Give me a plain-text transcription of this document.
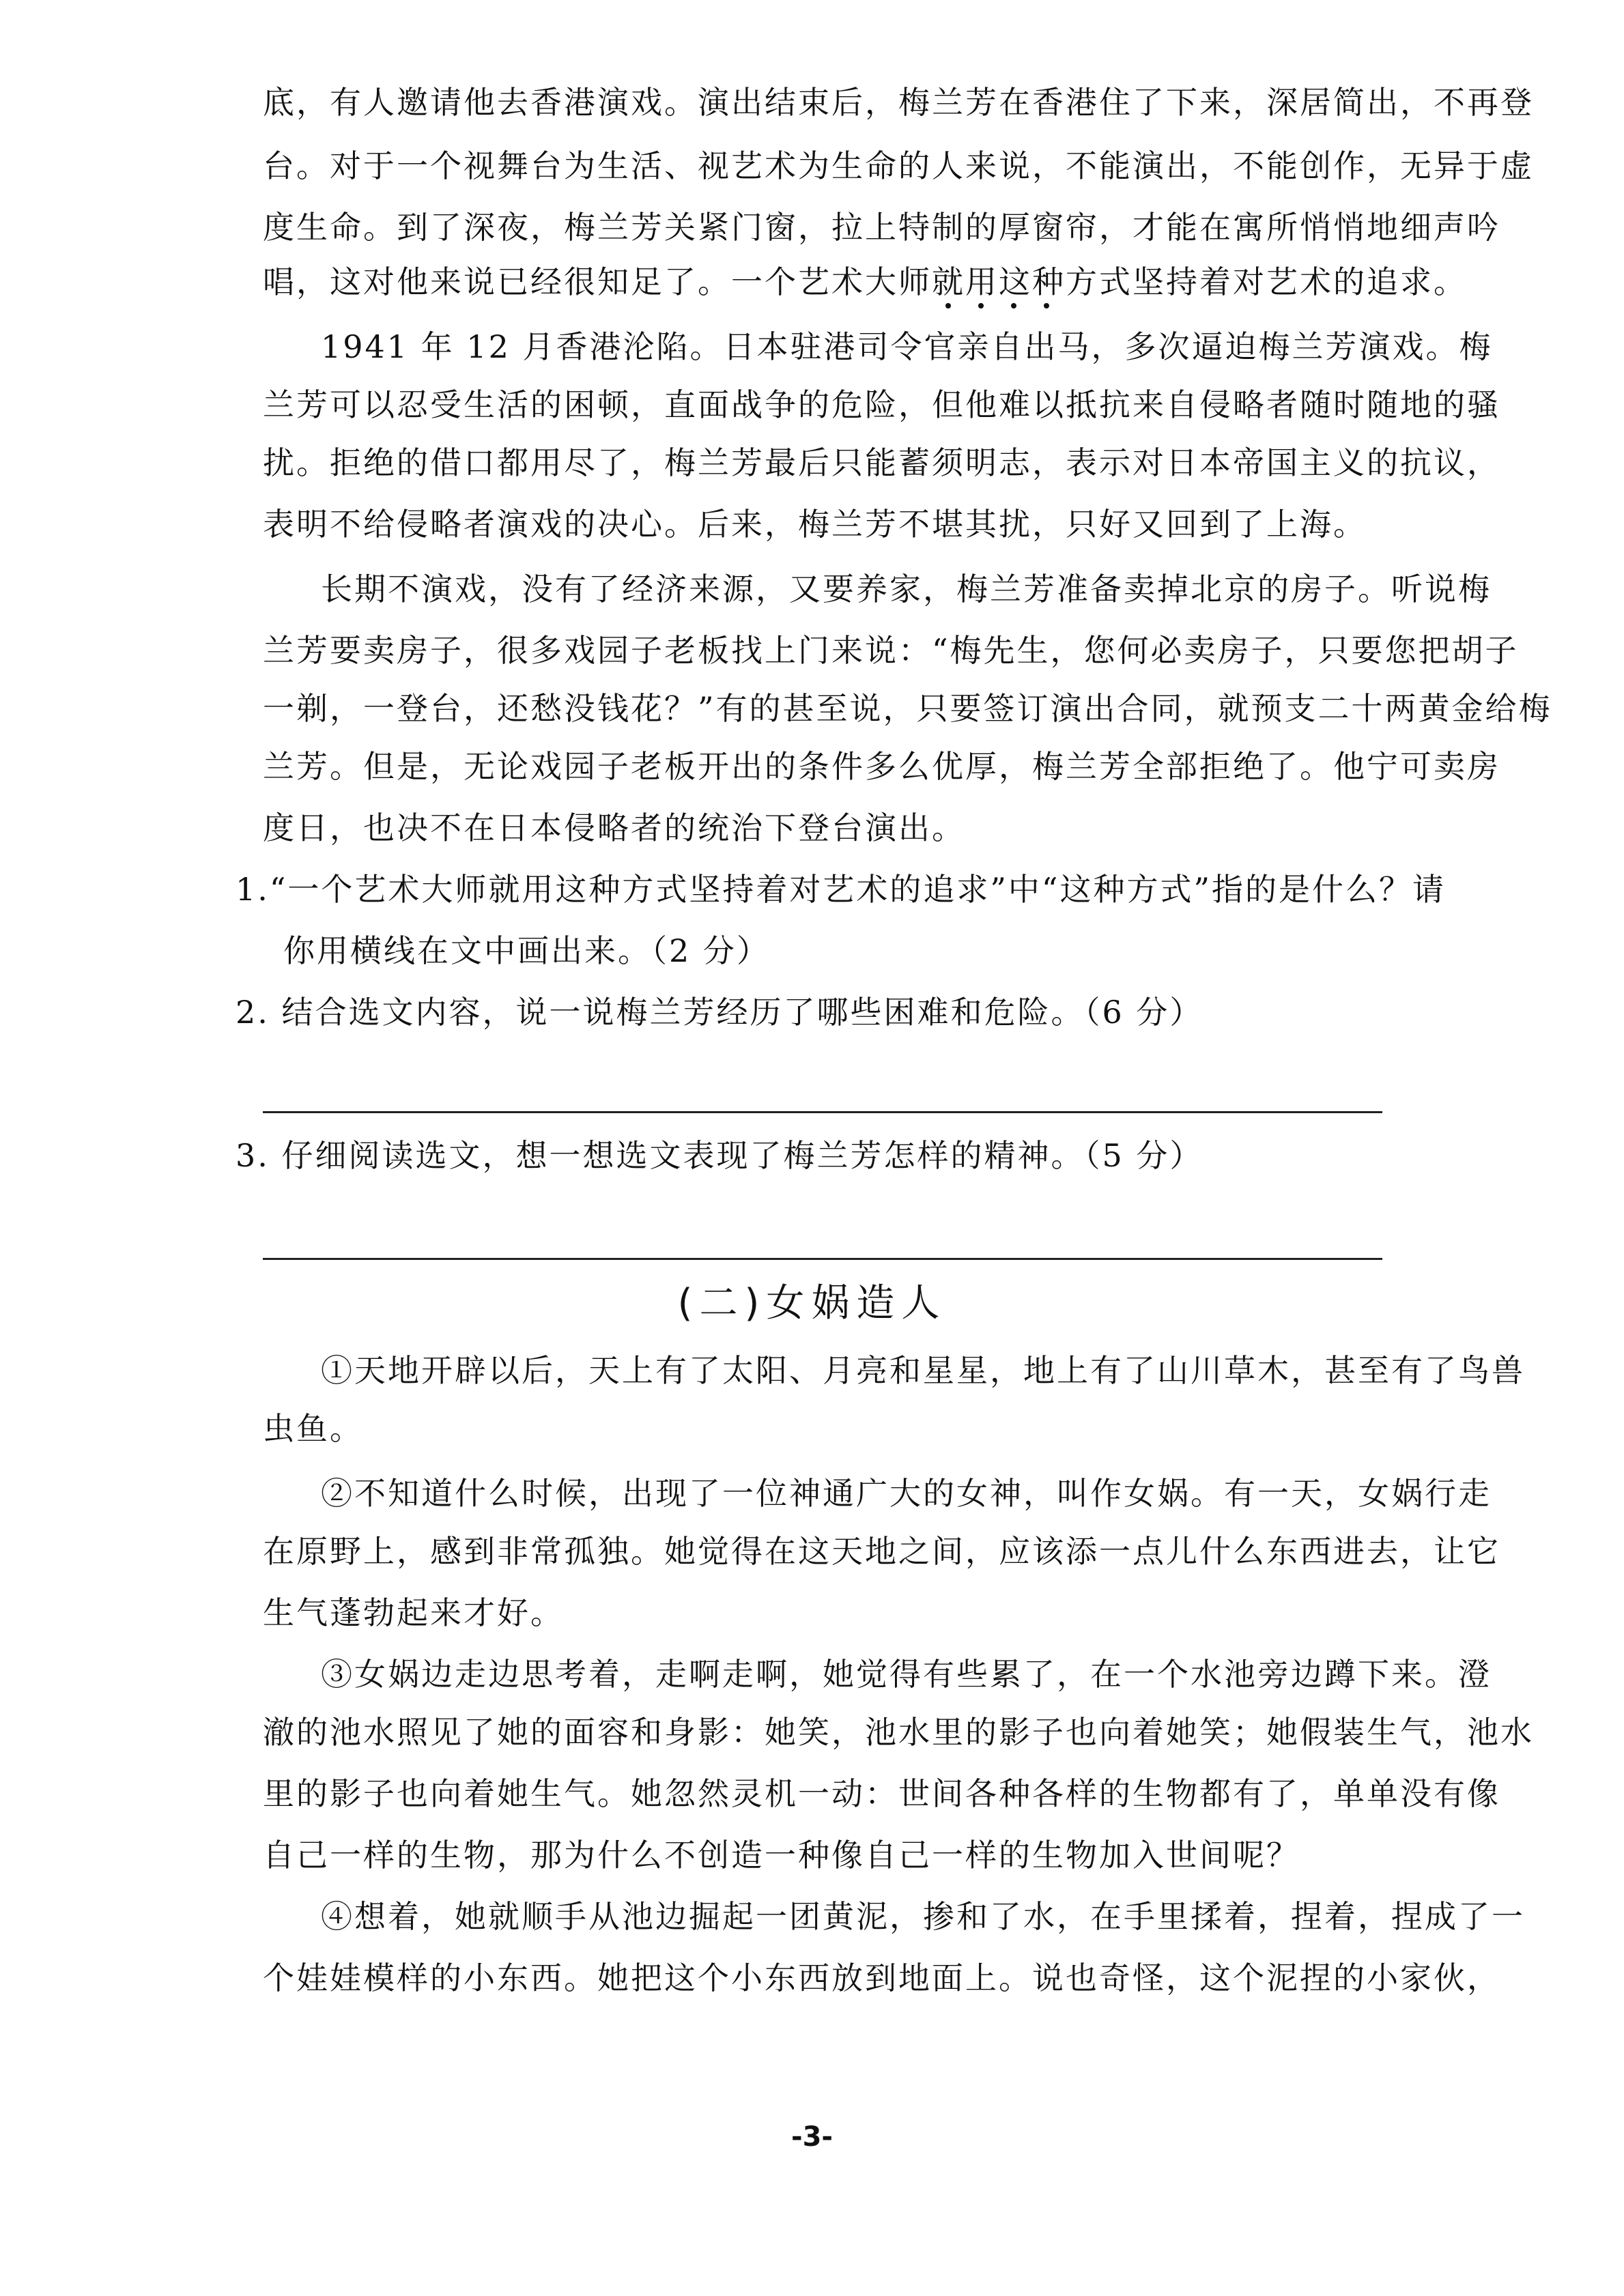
底，有人邀请他去香港演戏。演出结束后，梅兰芳在香港住了下来，深居简出，不再登
台。对于一个视舞台为生活、视艺术为生命的人来说，不能演出，不能创作，无异于虚
度生命。到了深夜，梅兰芳关紧门窗，拉上特制的厚窗帘，才能在寓所悄悄地细声吟
唱，这对他来说已经很知足了。一个艺术大师就用这种方式坚持着对艺术的追求。
1941 年 12 月香港沦陷。日本驻港司令官亲自出马，多次逼迫梅兰芳演戏。梅
兰芳可以忍受生活的困顿，直面战争的危险，但他难以抵抗来自侵略者随时随地的骚
扰。拒绝的借口都用尽了，梅兰芳最后只能蓄须明志，表示对日本帝国主义的抗议，
表明不给侵略者演戏的决心。后来，梅兰芳不堪其扰，只好又回到了上海。
长期不演戏，没有了经济来源，又要养家，梅兰芳准备卖掉北京的房子。听说梅
兰芳要卖房子，很多戏园子老板找上门来说：“梅先生，您何必卖房子，只要您把胡子
一剃，一登台，还愁没钱花？”有的甚至说，只要签订演出合同，就预支二十两黄金给梅
兰芳。但是，无论戏园子老板开出的条件多么优厚，梅兰芳全部拒绝了。他宁可卖房
度日，也决不在日本侵略者的统治下登台演出。
1.“一个艺术大师就用这种方式坚持着对艺术的追求”中“这种方式”指的是什么？请
你用横线在文中画出来。（2 分）
2. 结合选文内容，说一说梅兰芳经历了哪些困难和危险。（6 分）
3. 仔细阅读选文，想一想选文表现了梅兰芳怎样的精神。（5 分）
(二)女娲造人
①天地开辟以后，天上有了太阳、月亮和星星，地上有了山川草木，甚至有了鸟兽
虫鱼。
②不知道什么时候，出现了一位神通广大的女神，叫作女娲。有一天，女娲行走
在原野上，感到非常孤独。她觉得在这天地之间，应该添一点儿什么东西进去，让它
生气蓬勃起来才好。
③女娲边走边思考着，走啊走啊，她觉得有些累了，在一个水池旁边蹲下来。澄
澈的池水照见了她的面容和身影：她笑，池水里的影子也向着她笑；她假装生气，池水
里的影子也向着她生气。她忽然灵机一动：世间各种各样的生物都有了，单单没有像
自己一样的生物，那为什么不创造一种像自己一样的生物加入世间呢？
④想着，她就顺手从池边掘起一团黄泥，掺和了水，在手里揉着，捏着，捏成了一
个娃娃模样的小东西。她把这个小东西放到地面上。说也奇怪，这个泥捏的小家伙，
-3-
